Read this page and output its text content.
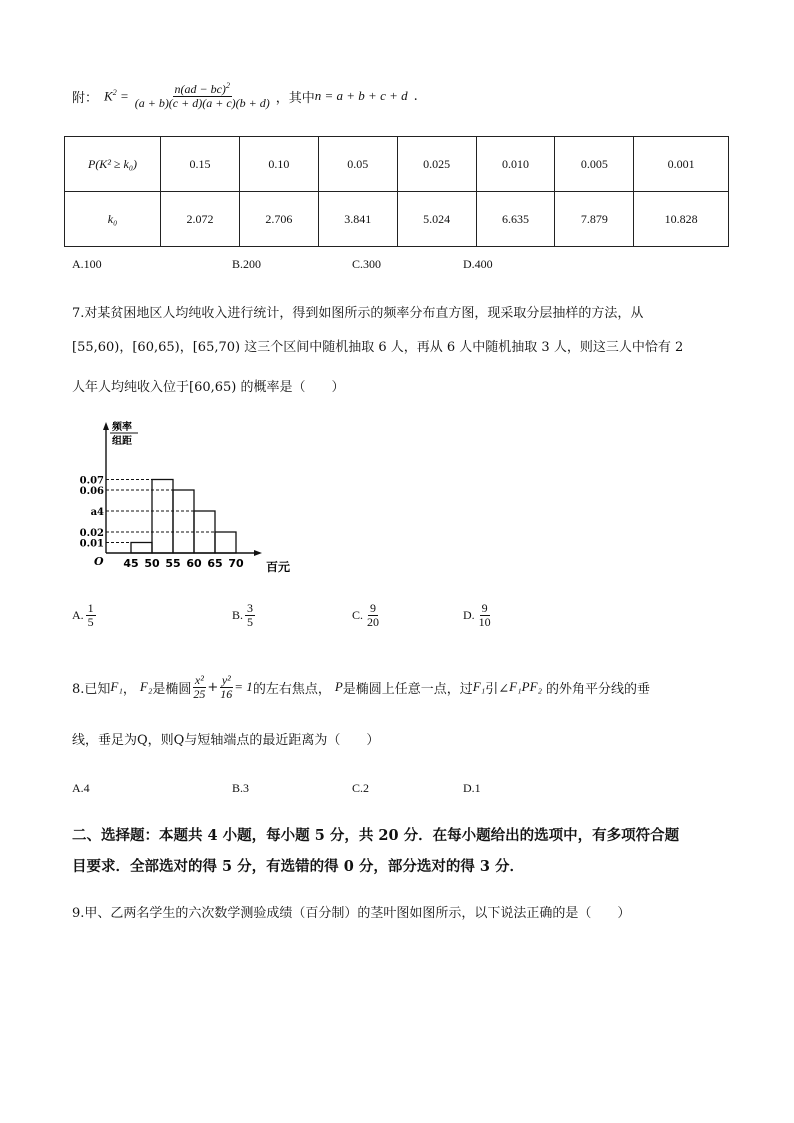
附： $K^2 = \frac{n(ad - bc)^2}{(a + b)(c + d)(a + c)(b + d)}$ ，其中 n = a + b + c + d .
P(K² ≥ k₀)	0.15	0.10	0.05	0.025	0.010	0.005	0.001
k₀	2.072	2.706	3.841	5.024	6.635	7.879	10.828
A.100	B.200	C.300	D.400
7.对某贫困地区人均纯收入进行统计，得到如图所示的频率分布直方图，现采取分层抽样的方法，从
[55,60)，[60,65)，[65,70) 这三个区间中随机抽取 6 人，再从 6 人中随机抽取 3 人，则这三人中恰有 2
人年人均纯收入位于[60,65) 的概率是（　　）
频率
组距
0.07
0.06
a4
0.02
0.01
O 45 50 55 60 65 70 百元
A. $\frac{1}{5}$	B. $\frac{3}{5}$	C. $\frac{9}{20}$	D. $\frac{9}{10}$
8.已知 F₁ ， F₂ 是椭圆 $\frac{\text{x²}}{25} + \frac{\text{y²}}{16} = 1$ 的左右焦点， P 是椭圆上任意一点，过 F₁ 引∠ F₁PF₂ 的外角平分线的垂
线，垂足为Q，则Q与短轴端点的最近距离为（　　）
A.4	B.3	C.2	D.1
二、选择题：本题共 4 小题，每小题 5 分，共 20 分．在每小题给出的选项中，有多项符合题
目要求．全部选对的得 5 分，有选错的得 0 分，部分选对的得 3 分．
9.甲、乙两名学生的六次数学测验成绩（百分制）的茎叶图如图所示，以下说法正确的是（　　）
